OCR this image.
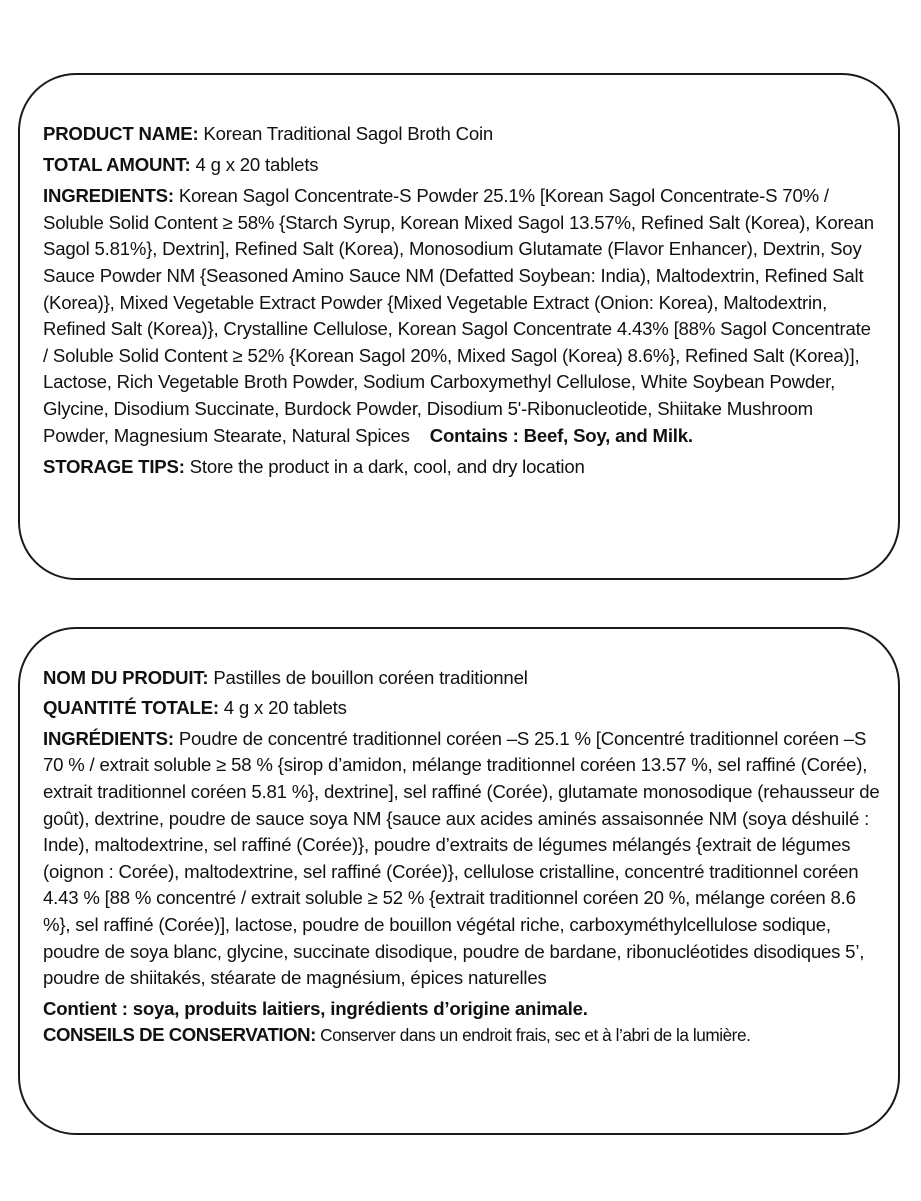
PRODUCT NAME: Korean Traditional Sagol Broth Coin

TOTAL AMOUNT: 4 g x 20 tablets

INGREDIENTS: Korean Sagol Concentrate-S Powder 25.1% [Korean Sagol Concentrate-S 70% / Soluble Solid Content ≥ 58% {Starch Syrup, Korean Mixed Sagol 13.57%, Refined Salt (Korea), Korean Sagol 5.81%}, Dextrin], Refined Salt (Korea), Monosodium Glutamate (Flavor Enhancer), Dextrin, Soy Sauce Powder NM {Seasoned Amino Sauce NM (Defatted Soybean: India), Maltodextrin, Refined Salt (Korea)}, Mixed Vegetable Extract Powder {Mixed Vegetable Extract (Onion: Korea), Maltodextrin, Refined Salt (Korea)}, Crystalline Cellulose, Korean Sagol Concentrate 4.43% [88% Sagol Concentrate / Soluble Solid Content ≥ 52% {Korean Sagol 20%, Mixed Sagol (Korea) 8.6%}, Refined Salt (Korea)], Lactose, Rich Vegetable Broth Powder, Sodium Carboxymethyl Cellulose, White Soybean Powder, Glycine, Disodium Succinate, Burdock Powder, Disodium 5'-Ribonucleotide, Shiitake Mushroom Powder, Magnesium Stearate, Natural Spices Contains : Beef, Soy, and Milk.

STORAGE TIPS: Store the product in a dark, cool, and dry location

NOM DU PRODUIT: Pastilles de bouillon coréen traditionnel

QUANTITÉ TOTALE: 4 g x 20 tablets

INGRÉDIENTS: Poudre de concentré traditionnel coréen –S 25.1 % [Concentré traditionnel coréen –S 70 % / extrait soluble ≥ 58 % {sirop d’amidon, mélange traditionnel coréen 13.57 %, sel raffiné (Corée), extrait traditionnel coréen 5.81 %}, dextrine], sel raffiné (Corée), glutamate monosodique (rehausseur de goût), dextrine, poudre de sauce soya NM {sauce aux acides aminés assaisonnée NM (soya déshuilé : Inde), maltodextrine, sel raffiné (Corée)}, poudre d’extraits de légumes mélangés {extrait de légumes (oignon : Corée), maltodextrine, sel raffiné (Corée)}, cellulose cristalline, concentré traditionnel coréen 4.43 % [88 % concentré / extrait soluble ≥ 52 % {extrait traditionnel coréen 20 %, mélange coréen 8.6 %}, sel raffiné (Corée)], lactose, poudre de bouillon végétal riche, carboxyméthylcellulose sodique, poudre de soya blanc, glycine, succinate disodique, poudre de bardane, ribonucléotides disodiques 5’, poudre de shiitakés, stéarate de magnésium, épices naturelles

Contient : soya, produits laitiers, ingrédients d’origine animale.

CONSEILS DE CONSERVATION: Conserver dans un endroit frais, sec et à l’abri de la lumière.
